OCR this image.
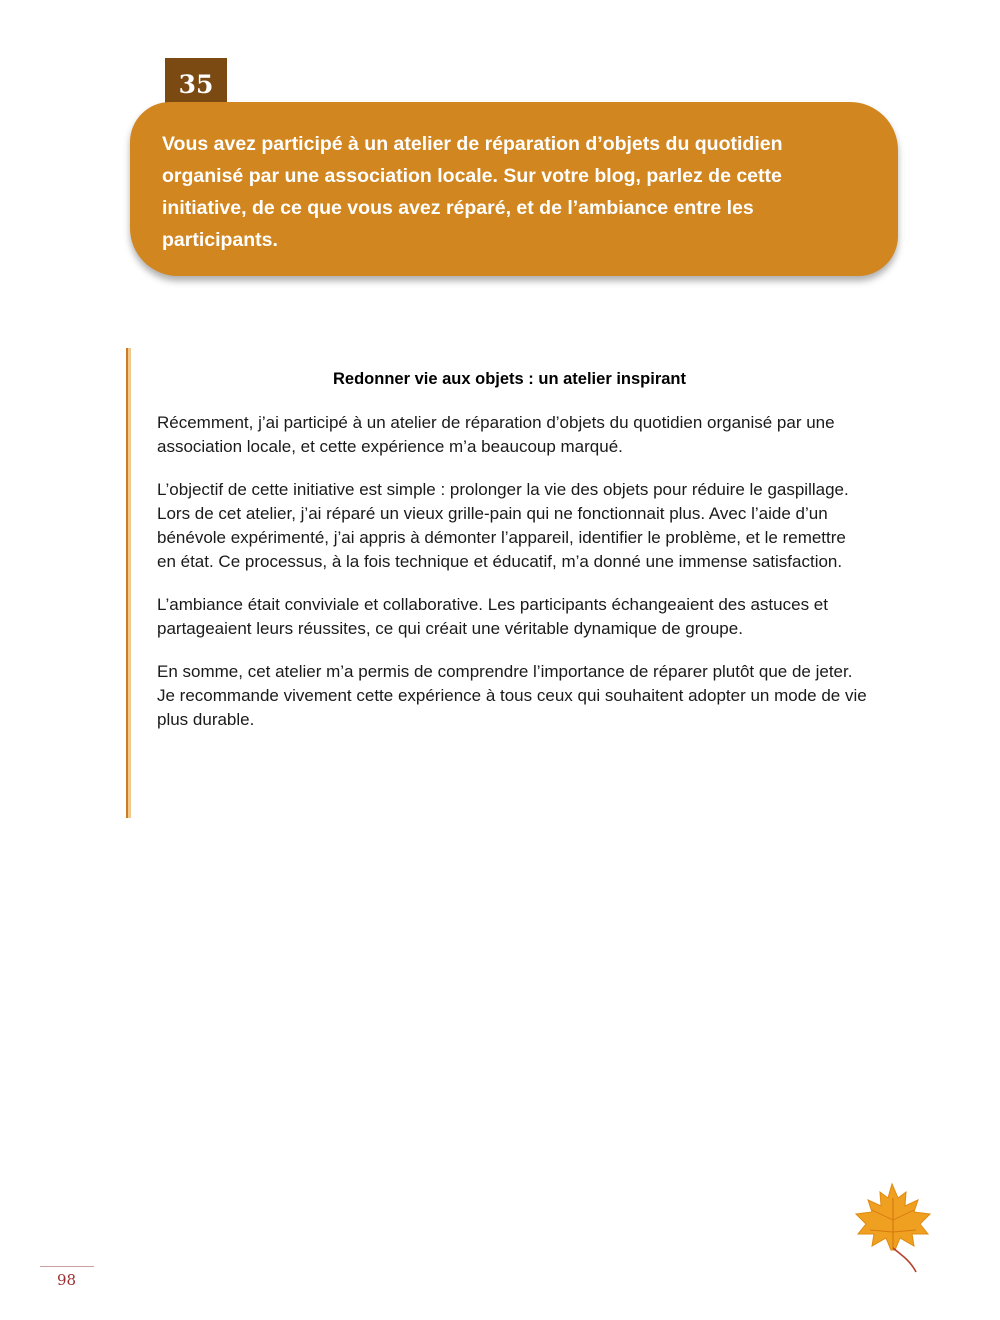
35
Vous avez participé à un atelier de réparation d’objets du quotidien organisé par une association locale. Sur votre blog, parlez de cette initiative, de ce que vous avez réparé, et de l’ambiance entre les participants.
Redonner vie aux objets : un atelier inspirant

Récemment, j’ai participé à un atelier de réparation d’objets du quotidien organisé par une association locale, et cette expérience m’a beaucoup marqué.

L’objectif de cette initiative est simple : prolonger la vie des objets pour réduire le gaspillage. Lors de cet atelier, j’ai réparé un vieux grille-pain qui ne fonctionnait plus. Avec l’aide d’un bénévole expérimenté, j’ai appris à démonter l’appareil, identifier le problème, et le remettre en état. Ce processus, à la fois technique et éducatif, m’a donné une immense satisfaction.

L’ambiance était conviviale et collaborative. Les participants échangeaient des astuces et partageaient leurs réussites, ce qui créait une véritable dynamique de groupe.

En somme, cet atelier m’a permis de comprendre l’importance de réparer plutôt que de jeter. Je recommande vivement cette expérience à tous ceux qui souhaitent adopter un mode de vie plus durable.

98
